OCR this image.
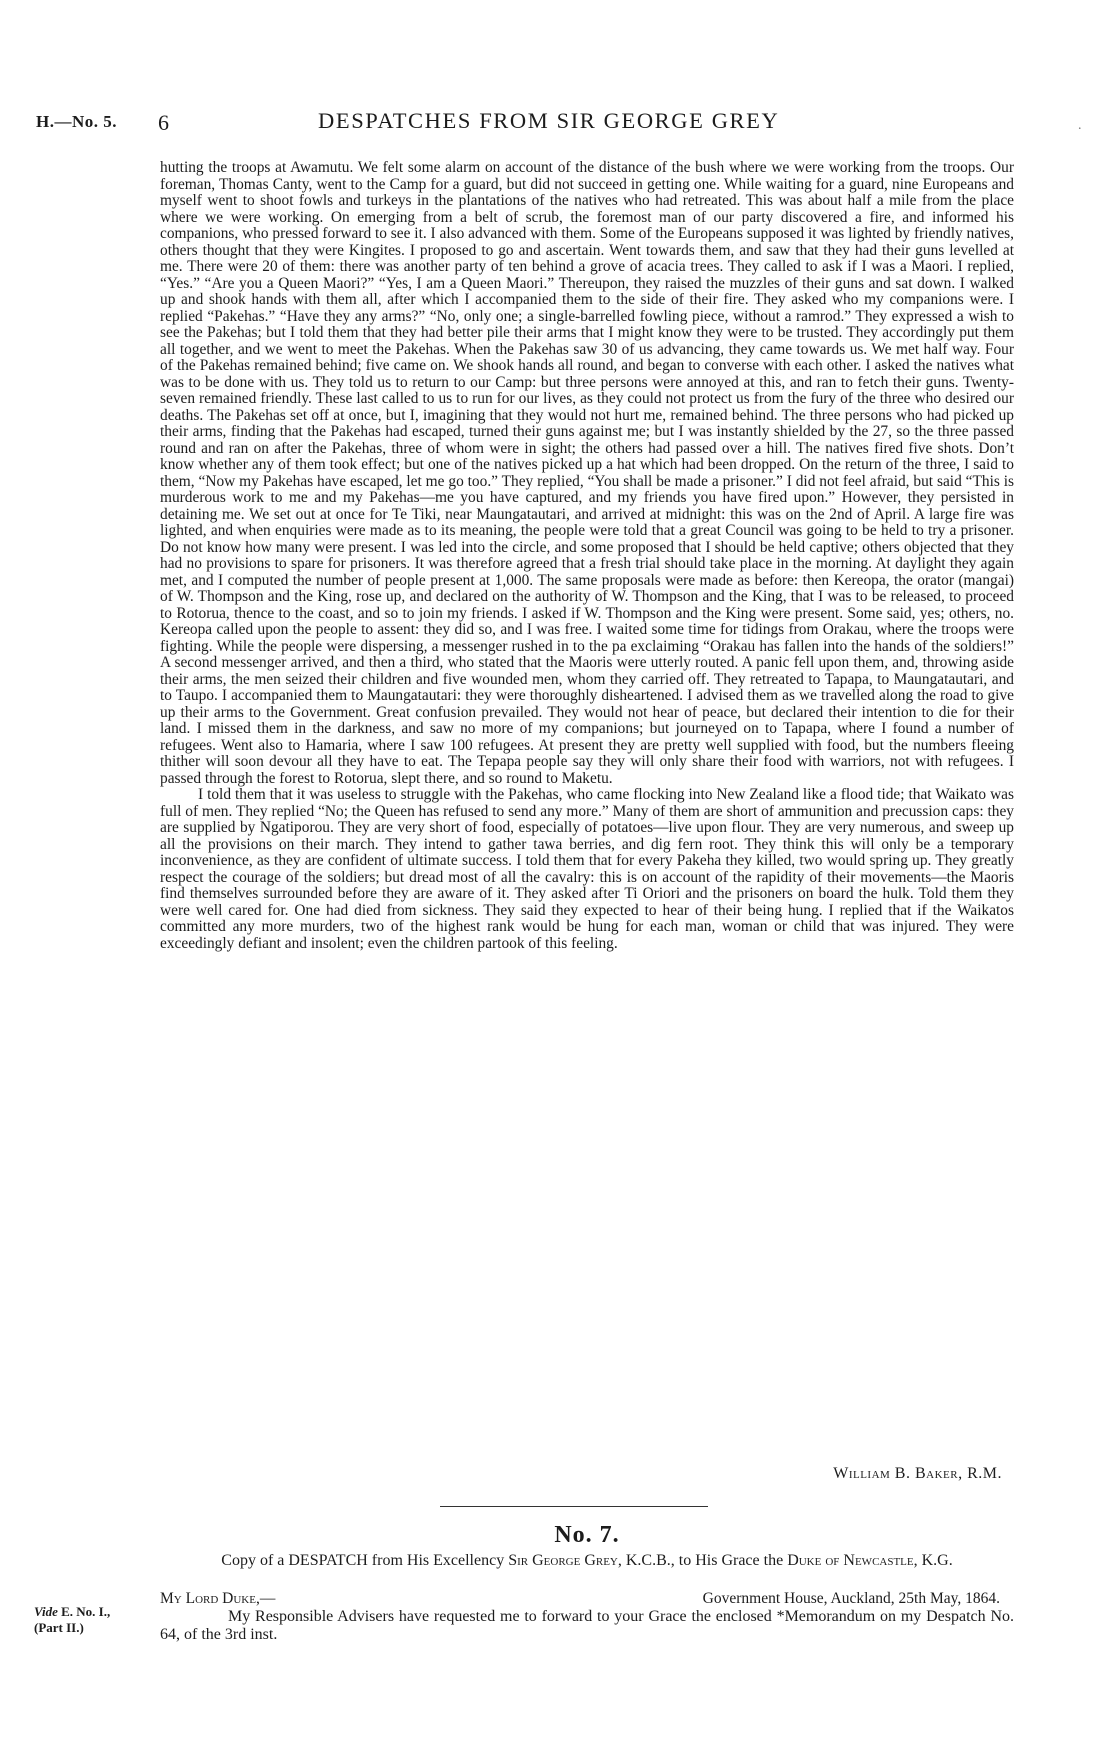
H.—No. 5. 6	DESPATCHES FROM SIR GEORGE GREY	.

hutting the troops at Awamutu. We felt some alarm on account of the distance of the bush where we were working from the troops. Our foreman, Thomas Canty, went to the Camp for a guard, but did not succeed in getting one. While waiting for a guard, nine Europeans and myself went to shoot fowls and turkeys in the plantations of the natives who had retreated. This was about half a mile from the place where we were working. On emerging from a belt of scrub, the foremost man of our party discovered a fire, and informed his companions, who pressed forward to see it. I also advanced with them. Some of the Europeans supposed it was lighted by friendly natives, others thought that they were Kingites. I proposed to go and ascertain. Went towards them, and saw that they had their guns levelled at me. There were 20 of them: there was another party of ten behind a grove of acacia trees. They called to ask if I was a Maori. I replied, “Yes.” “Are you a Queen Maori?” “Yes, I am a Queen Maori.” Thereupon, they raised the muzzles of their guns and sat down. I walked up and shook hands with them all, after which I accompanied them to the side of their fire. They asked who my companions were. I replied “Pakehas.” “Have they any arms?” “No, only one; a single-barrelled fowling piece, without a ramrod.” They expressed a wish to see the Pakehas; but I told them that they had better pile their arms that I might know they were to be trusted. They accordingly put them all together, and we went to meet the Pakehas. When the Pakehas saw 30 of us advancing, they came towards us. We met half way. Four of the Pakehas remained behind; five came on. We shook hands all round, and began to converse with each other. I asked the natives what was to be done with us. They told us to return to our Camp: but three persons were annoyed at this, and ran to fetch their guns. Twenty-seven remained friendly. These last called to us to run for our lives, as they could not protect us from the fury of the three who desired our deaths. The Pakehas set off at once, but I, imagining that they would not hurt me, remained behind. The three persons who had picked up their arms, finding that the Pakehas had escaped, turned their guns against me; but I was instantly shielded by the 27, so the three passed round and ran on after the Pakehas, three of whom were in sight; the others had passed over a hill. The natives fired five shots. Don’t know whether any of them took effect; but one of the natives picked up a hat which had been dropped. On the return of the three, I said to them, “Now my Pakehas have escaped, let me go too.” They replied, “You shall be made a prisoner.” I did not feel afraid, but said “This is murderous work to me and my Pakehas—me you have captured, and my friends you have fired upon.” However, they persisted in detaining me. We set out at once for Te Tiki, near Maungatautari, and arrived at midnight: this was on the 2nd of April. A large fire was lighted, and when enquiries were made as to its meaning, the people were told that a great Council was going to be held to try a prisoner. Do not know how many were present. I was led into the circle, and some proposed that I should be held captive; others objected that they had no provisions to spare for prisoners. It was therefore agreed that a fresh trial should take place in the morning. At daylight they again met, and I computed the number of people present at 1,000. The same proposals were made as before: then Kereopa, the orator (mangai) of W. Thompson and the King, rose up, and declared on the authority of W. Thompson and the King, that I was to be released, to proceed to Rotorua, thence to the coast, and so to join my friends. I asked if W. Thompson and the King were present. Some said, yes; others, no. Kereopa called upon the people to assent: they did so, and I was free. I waited some time for tidings from Orakau, where the troops were fighting. While the people were dispersing, a messenger rushed in to the pa exclaiming “Orakau has fallen into the hands of the soldiers!” A second messenger arrived, and then a third, who stated that the Maoris were utterly routed. A panic fell upon them, and, throwing aside their arms, the men seized their children and five wounded men, whom they carried off. They retreated to Tapapa, to Maungatautari, and to Taupo. I accompanied them to Maungatautari: they were thoroughly disheartened. I advised them as we travelled along the road to give up their arms to the Government. Great confusion prevailed. They would not hear of peace, but declared their intention to die for their land. I missed them in the darkness, and saw no more of my companions; but journeyed on to Tapapa, where I found a number of refugees. Went also to Hamaria, where I saw 100 refugees. At present they are pretty well supplied with food, but the numbers fleeing thither will soon devour all they have to eat. The Tepapa people say they will only share their food with warriors, not with refugees. I passed through the forest to Rotorua, slept there, and so round to Maketu.

I told them that it was useless to struggle with the Pakehas, who came flocking into New Zealand like a flood tide; that Waikato was full of men. They replied “No; the Queen has refused to send any more.” Many of them are short of ammunition and precussion caps: they are supplied by Ngatiporou. They are very short of food, especially of potatoes—live upon flour. They are very numerous, and sweep up all the provisions on their march. They intend to gather tawa berries, and dig fern root. They think this will only be a temporary inconvenience, as they are confident of ultimate success. I told them that for every Pakeha they killed, two would spring up. They greatly respect the courage of the soldiers; but dread most of all the cavalry: this is on account of the rapidity of their movements—the Maoris find themselves surrounded before they are aware of it. They asked after Ti Oriori and the prisoners on board the hulk. Told them they were well cared for. One had died from sickness. They said they expected to hear of their being hung. I replied that if the Waikatos committed any more murders, two of the highest rank would be hung for each man, woman or child that was injured. They were exceedingly defiant and insolent; even the children partook of this feeling.

William B. Baker, R.M.
No. 7.
Copy of a DESPATCH from His Excellency Sir George Grey, K.C.B., to His Grace the Duke of Newcastle, K.G.
My Lord Duke,—	Government House, Auckland, 25th May, 1864.
My Responsible Advisers have requested me to forward to your Grace the enclosed *Memorandum on my Despatch No. 64, of the 3rd inst.
Vide E. No. I.,
(Part II.)
